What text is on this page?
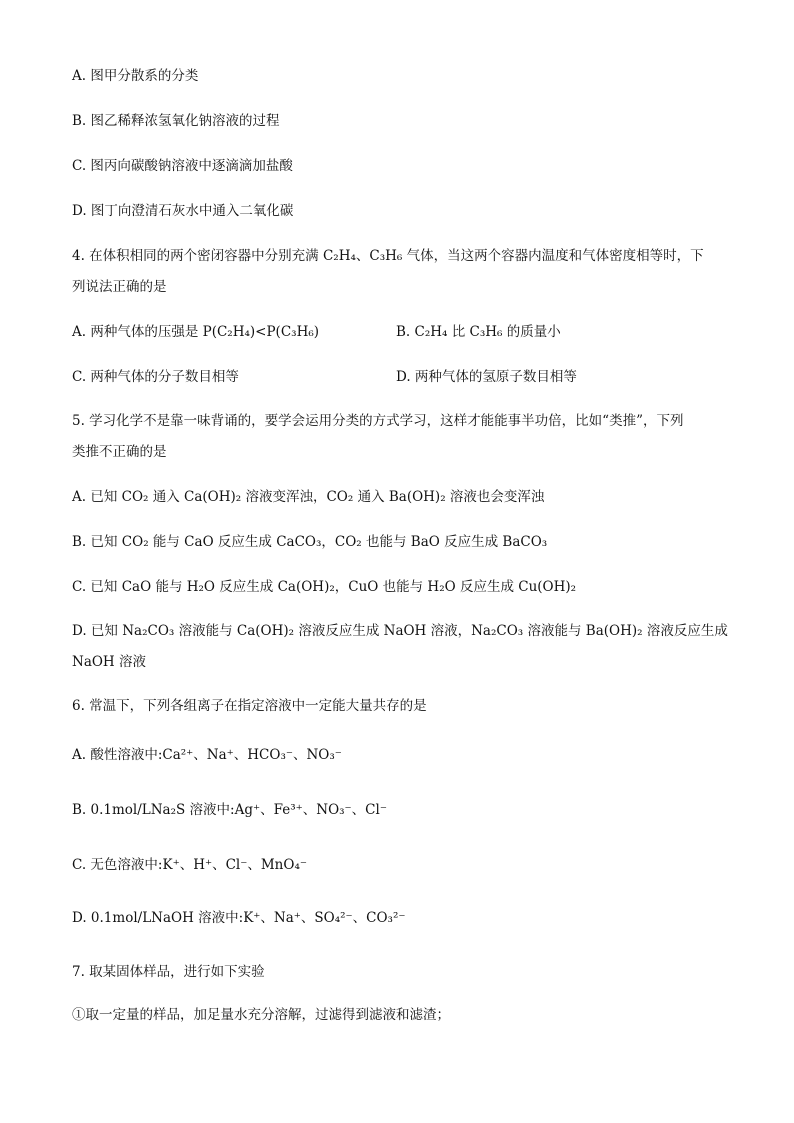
A. 图甲分散系的分类
B. 图乙稀释浓氢氧化钠溶液的过程
C. 图丙向碳酸钠溶液中逐滴滴加盐酸
D. 图丁向澄清石灰水中通入二氧化碳
4. 在体积相同的两个密闭容器中分别充满 C₂H₄、C₃H₆ 气体，当这两个容器内温度和气体密度相等时，下
列说法正确的是
A. 两种气体的压强是 P(C₂H₄)<P(C₃H₆)	B. C₂H₄ 比 C₃H₆ 的质量小
C. 两种气体的分子数目相等	D. 两种气体的氢原子数目相等
5. 学习化学不是靠一味背诵的，要学会运用分类的方式学习，这样才能能事半功倍，比如“类推”，下列
类推不正确的是
A. 已知 CO₂ 通入 Ca(OH)₂ 溶液变浑浊，CO₂ 通入 Ba(OH)₂ 溶液也会变浑浊
B. 已知 CO₂ 能与 CaO 反应生成 CaCO₃，CO₂ 也能与 BaO 反应生成 BaCO₃
C. 已知 CaO 能与 H₂O 反应生成 Ca(OH)₂，CuO 也能与 H₂O 反应生成 Cu(OH)₂
D. 已知 Na₂CO₃ 溶液能与 Ca(OH)₂ 溶液反应生成 NaOH 溶液，Na₂CO₃ 溶液能与 Ba(OH)₂ 溶液反应生成
NaOH 溶液
6. 常温下，下列各组离子在指定溶液中一定能大量共存的是
A. 酸性溶液中:Ca²⁺、Na⁺、HCO₃⁻、NO₃⁻
B. 0.1mol/LNa₂S 溶液中:Ag⁺、Fe³⁺、NO₃⁻、Cl⁻
C. 无色溶液中:K⁺、H⁺、Cl⁻、MnO₄⁻
D. 0.1mol/LNaOH 溶液中:K⁺、Na⁺、SO₄²⁻、CO₃²⁻
7. 取某固体样品，进行如下实验
①取一定量的样品，加足量水充分溶解，过滤得到滤液和滤渣；
